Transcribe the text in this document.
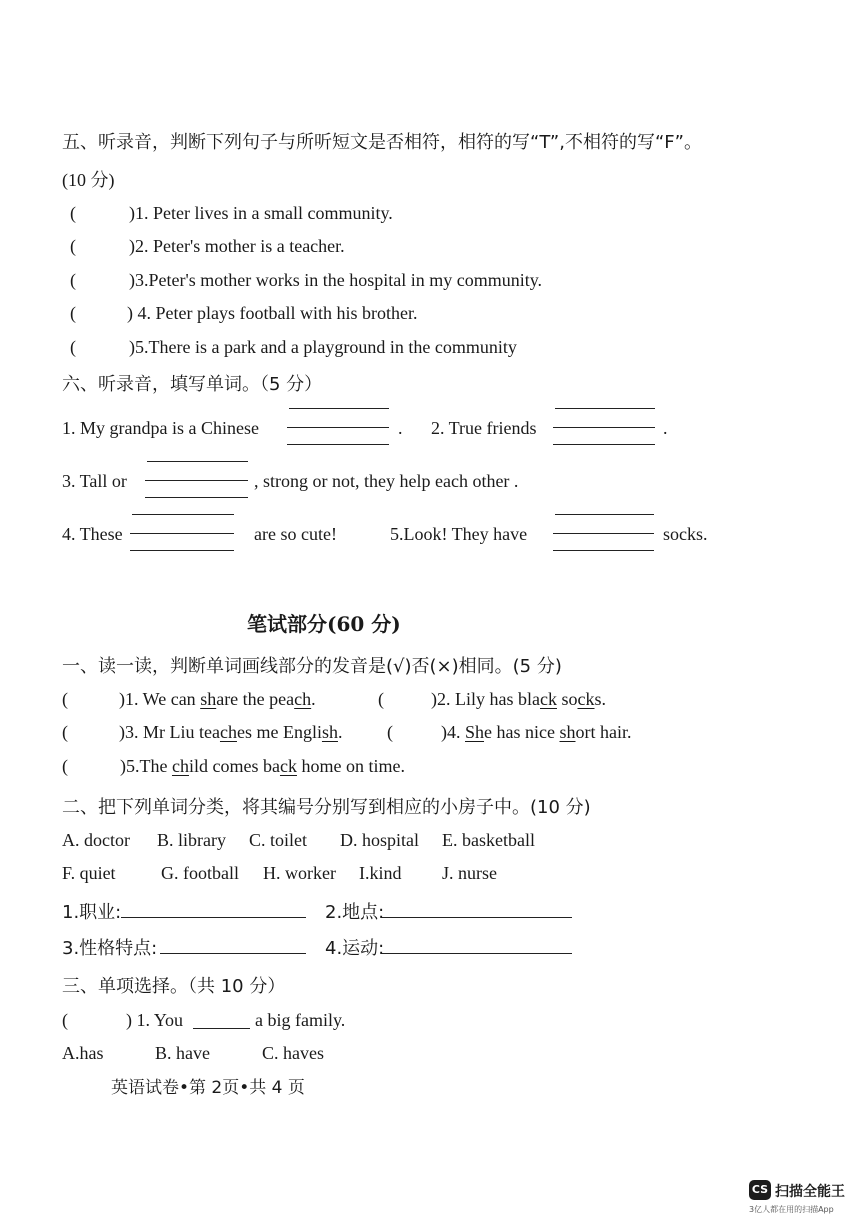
五、听录音，判断下列句子与所听短文是否相符，相符的写“T”,不相符的写“F”。
(10 分)
(	)1. Peter lives in a small community.
(	)2. Peter's mother is a teacher.
(	)3.Peter's mother works in the hospital in my community.
(	) 4. Peter plays football with his brother.
(	)5.There is a park and a playground in the community
六、听录音，填写单词。（5 分）
1. My grandpa is a Chinese	. 2. True friends	.
3. Tall or	, strong or not, they help each other .
4. These	are so cute!	5.Look! They have	socks.
笔试部分(60 分)
一、读一读，判断单词画线部分的发音是(√)否(×)相同。(5 分)
(	)1. We can share the peach.	(	)2. Lily has black socks.
(	)3. Mr Liu teaches me English. (	)4. She has nice short hair.
(	)5.The child comes back home on time.
二、把下列单词分类，将其编号分别写到相应的小房子中。(10 分)
A. doctor B. library C. toilet D. hospital E. basketball
F. quiet	G. football H. worker I.kind J. nurse
1.职业:	2.地点:
3.性格特点:	4.运动:
三、单项选择。（共 10 分）
(	) 1. You	a big family.
A.has	B. have	C. haves
英语试卷•第 2页•共 4 页
CS 扫描全能王
3亿人都在用的扫描App
